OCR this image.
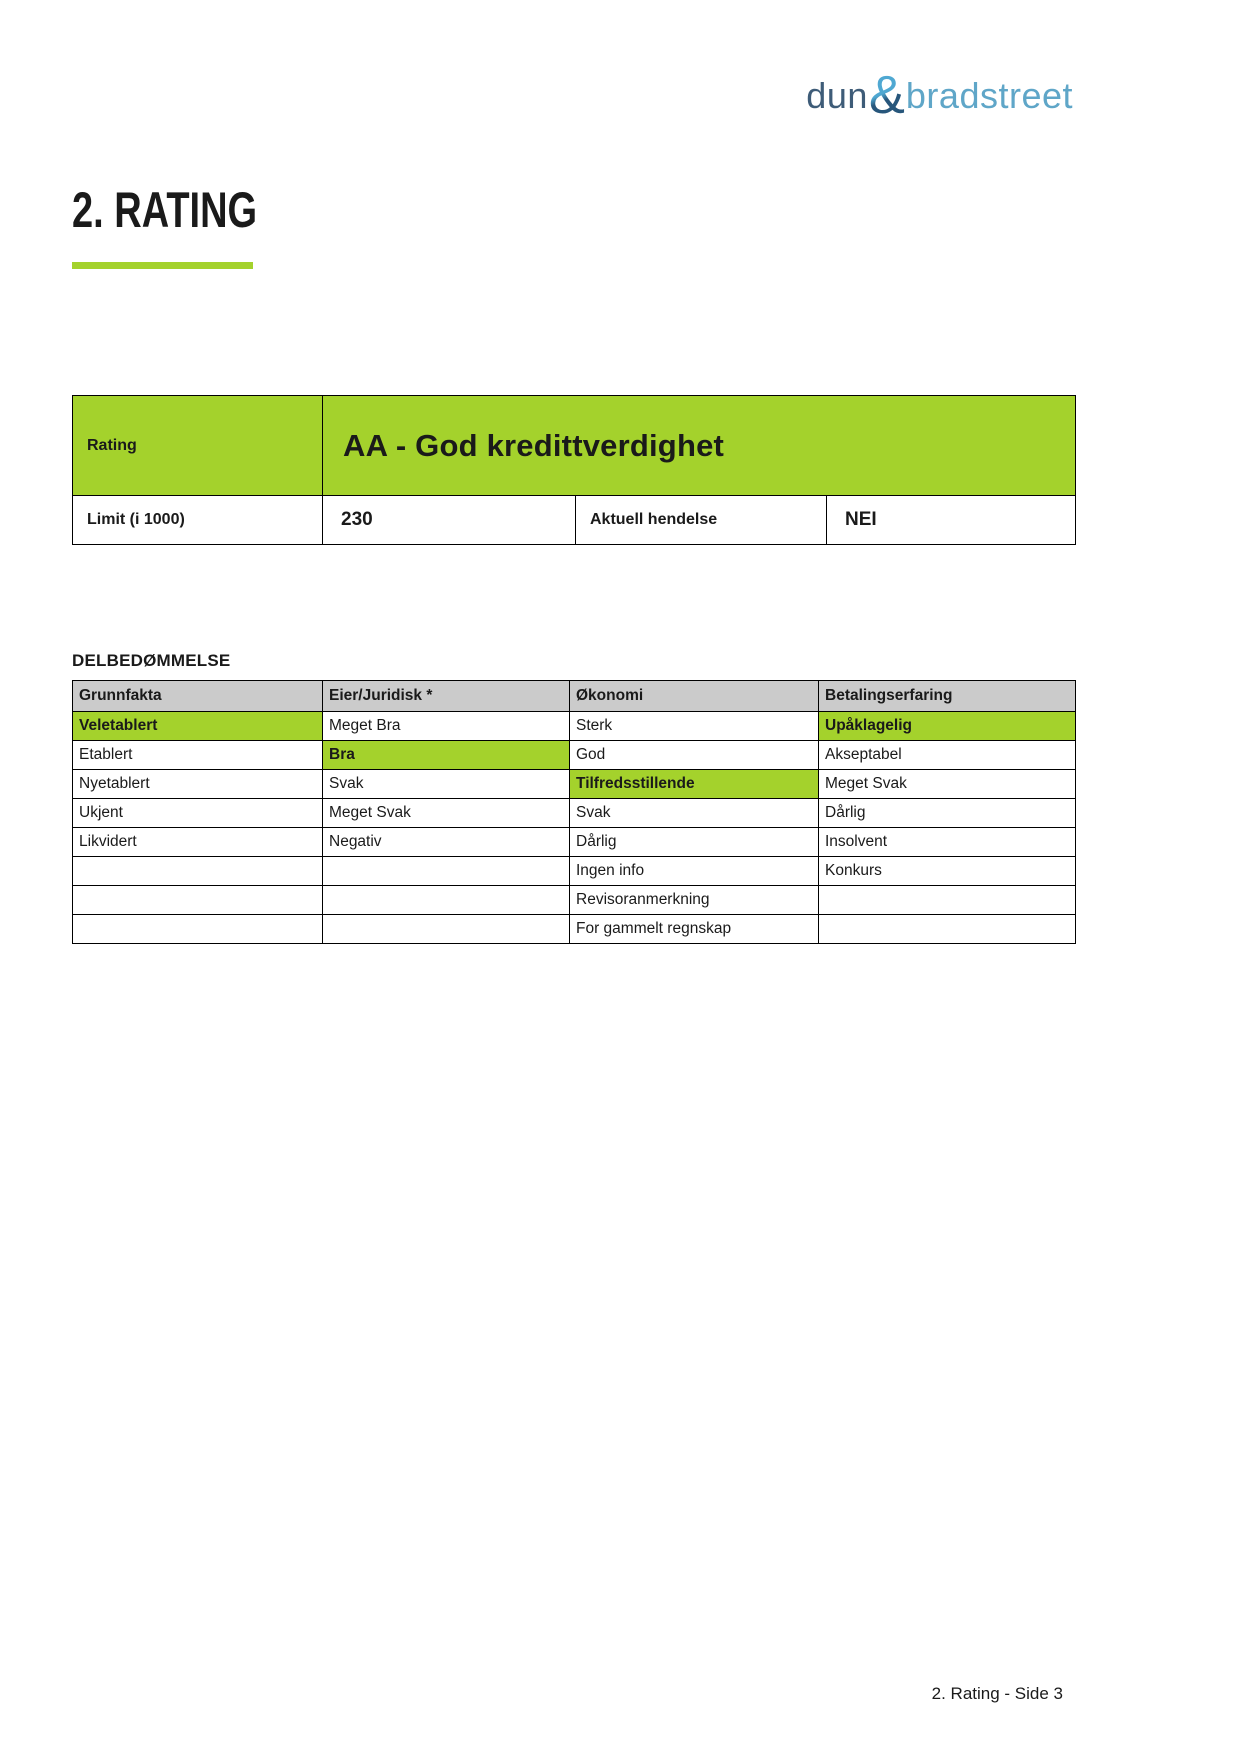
dun & bradstreet
2. RATING
Rating	AA - God kredittverdighet		
Limit (i 1000)	230	Aktuell hendelse	NEI
DELBEDØMMELSE
Grunnfakta	Eier/Juridisk *	Økonomi	Betalingserfaring
Veletablert	Meget Bra	Sterk	Upåklagelig
Etablert	Bra	God	Akseptabel
Nyetablert	Svak	Tilfredsstillende	Meget Svak
Ukjent	Meget Svak	Svak	Dårlig
Likvidert	Negativ	Dårlig	Insolvent
		Ingen info	Konkurs
		Revisoranmerkning	
		For gammelt regnskap	
2. Rating - Side 3
